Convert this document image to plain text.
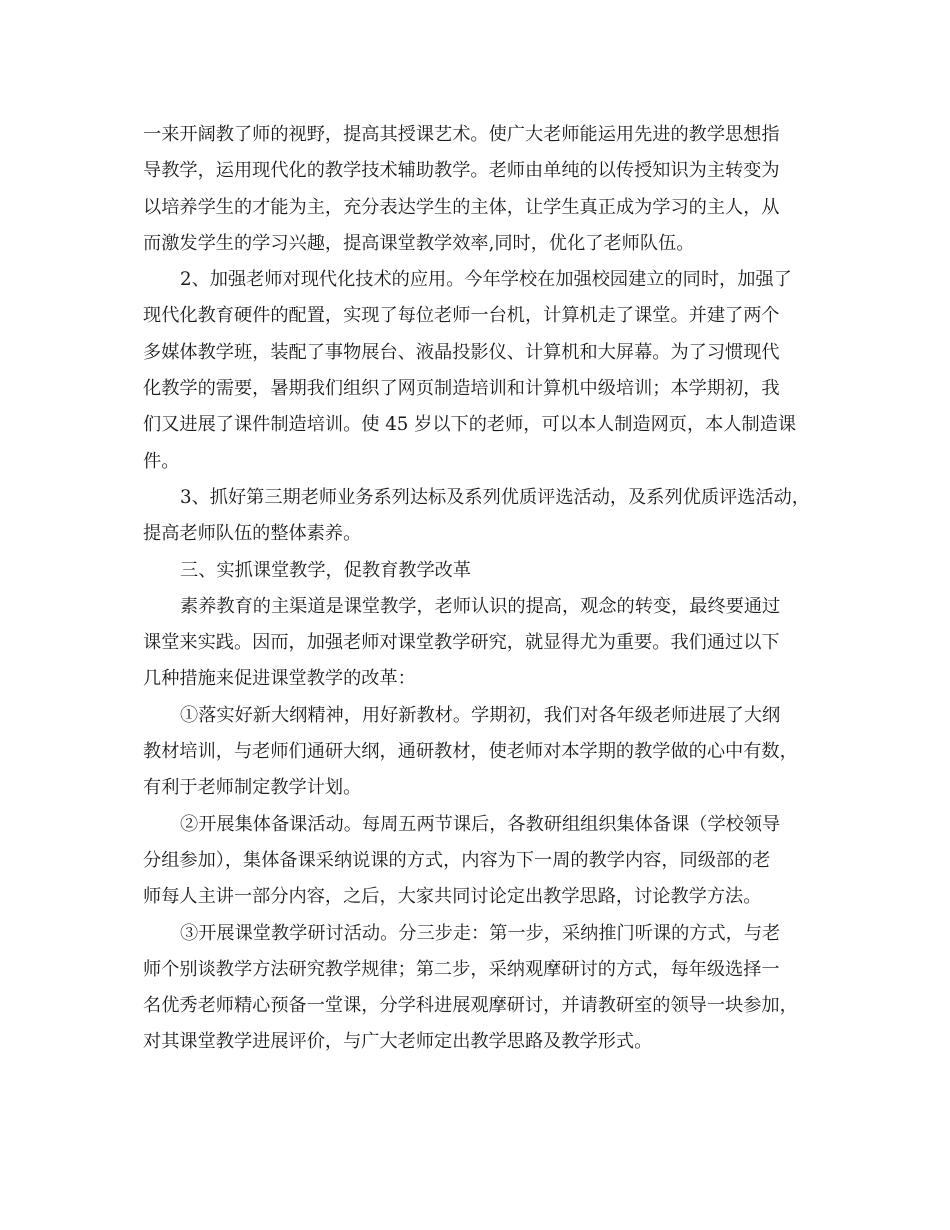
一来开阔教了师的视野，提高其授课艺术。使广大老师能运用先进的教学思想指
导教学，运用现代化的教学技术辅助教学。老师由单纯的以传授知识为主转变为
以培养学生的才能为主，充分表达学生的主体，让学生真正成为学习的主人，从
而激发学生的学习兴趣，提高课堂教学效率,同时，优化了老师队伍。
2、加强老师对现代化技术的应用。今年学校在加强校园建立的同时，加强了
现代化教育硬件的配置，实现了每位老师一台机，计算机走了课堂。并建了两个
多媒体教学班，装配了事物展台、液晶投影仪、计算机和大屏幕。为了习惯现代
化教学的需要，暑期我们组织了网页制造培训和计算机中级培训；本学期初，我
们又进展了课件制造培训。使 45 岁以下的老师，可以本人制造网页，本人制造课
件。
3、抓好第三期老师业务系列达标及系列优质评选活动，及系列优质评选活动，
提高老师队伍的整体素养。
三、实抓课堂教学，促教育教学改革
素养教育的主渠道是课堂教学，老师认识的提高，观念的转变，最终要通过
课堂来实践。因而，加强老师对课堂教学研究，就显得尤为重要。我们通过以下
几种措施来促进课堂教学的改革：
①落实好新大纲精神，用好新教材。学期初，我们对各年级老师进展了大纲
教材培训，与老师们通研大纲，通研教材，使老师对本学期的教学做的心中有数，
有利于老师制定教学计划。
②开展集体备课活动。每周五两节课后，各教研组组织集体备课（学校领导
分组参加），集体备课采纳说课的方式，内容为下一周的教学内容，同级部的老
师每人主讲一部分内容，之后，大家共同讨论定出教学思路，讨论教学方法。
③开展课堂教学研讨活动。分三步走：第一步，采纳推门听课的方式，与老
师个别谈教学方法研究教学规律；第二步，采纳观摩研讨的方式，每年级选择一
名优秀老师精心预备一堂课，分学科进展观摩研讨，并请教研室的领导一块参加，
对其课堂教学进展评价，与广大老师定出教学思路及教学形式。
